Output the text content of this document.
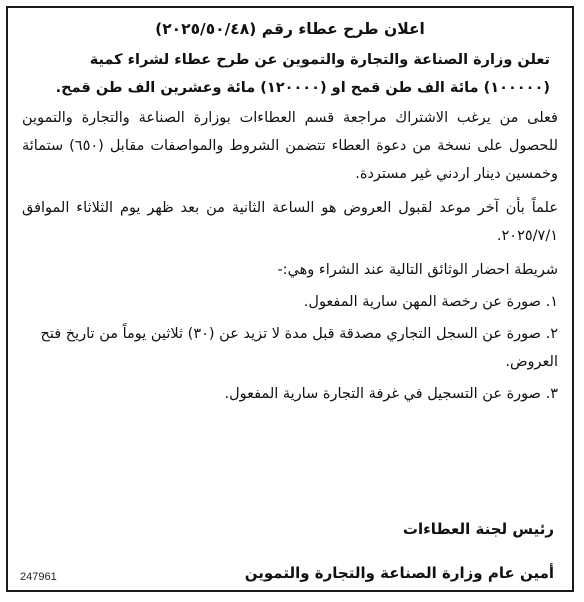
اعلان طرح عطاء رقم (٢٠٢٥/٥٠/٤٨)
تعلن وزارة الصناعة والتجارة والتموين عن طرح عطاء لشراء كمية (١٠٠٠٠٠) مائة الف طن قمح او (١٢٠٠٠٠) مائة وعشرين الف طن قمح.
فعلى من يرغب الاشتراك مراجعة قسم العطاءات بوزارة الصناعة والتجارة والتموين للحصول على نسخة من دعوة العطاء تتضمن الشروط والمواصفات مقابل (٦٥٠) ستمائة وخمسين دينار اردني غير مستردة.
علماً بأن آخر موعد لقبول العروض هو الساعة الثانية من بعد ظهر يوم الثلاثاء الموافق ٢٠٢٥/٧/١.
شريطة احضار الوثائق التالية عند الشراء وهي:-
١. صورة عن رخصة المهن سارية المفعول.
٢. صورة عن السجل التجاري مصدقة قبل مدة لا تزيد عن (٣٠) ثلاثين يوماً من تاريخ فتح العروض.
٣. صورة عن التسجيل في غرفة التجارة سارية المفعول.
رئيس لجنة العطاءات
أمين عام وزارة الصناعة والتجارة والتموين
247961
